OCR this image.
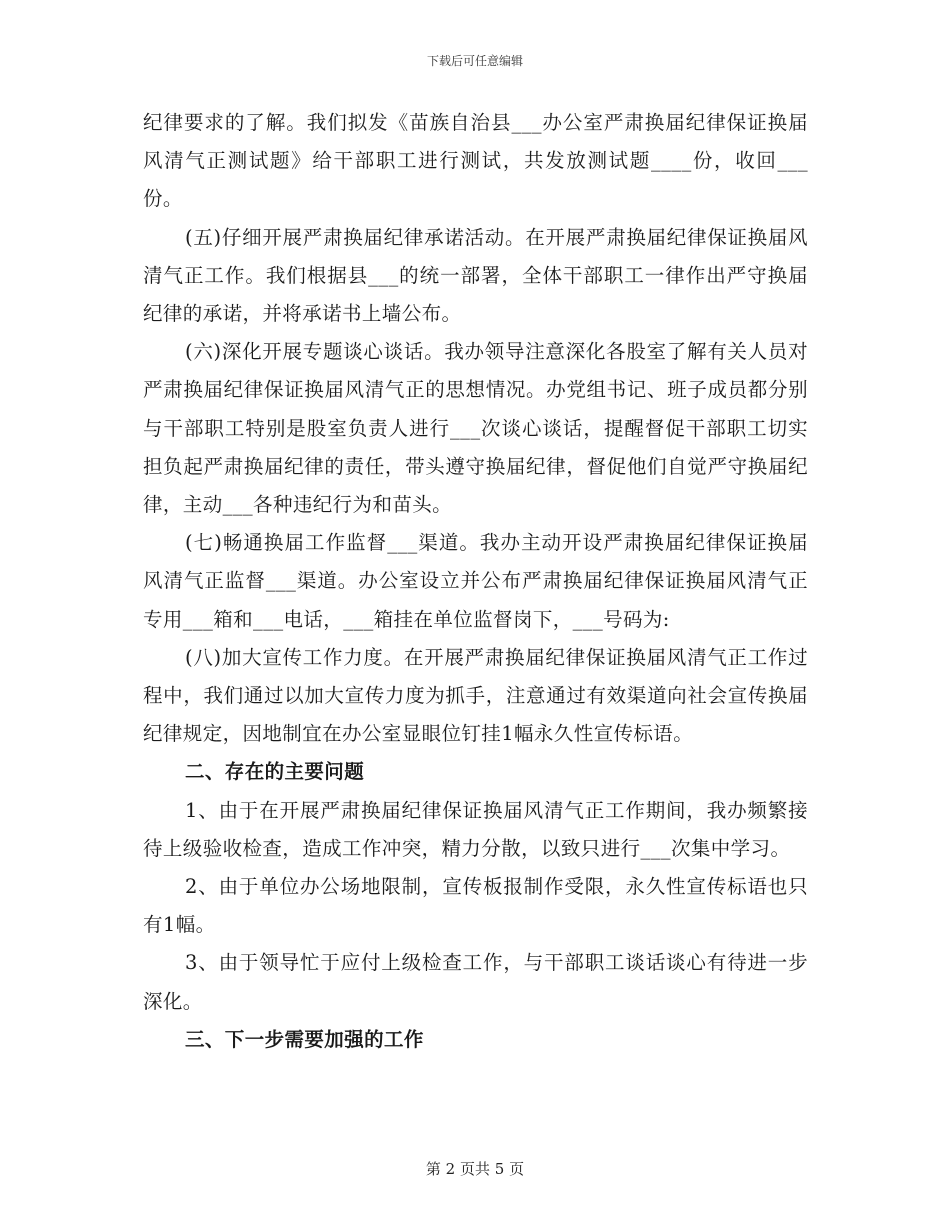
下载后可任意编辑

纪律要求的了解。我们拟发《苗族自治县___办公室严肃换届纪律保证换届风清气正测试题》给干部职工进行测试，共发放测试题____份，收回___份。

(五)仔细开展严肃换届纪律承诺活动。在开展严肃换届纪律保证换届风清气正工作。我们根据县___的统一部署，全体干部职工一律作出严守换届纪律的承诺，并将承诺书上墙公布。

(六)深化开展专题谈心谈话。我办领导注意深化各股室了解有关人员对严肃换届纪律保证换届风清气正的思想情况。办党组书记、班子成员都分别与干部职工特别是股室负责人进行___次谈心谈话，提醒督促干部职工切实担负起严肃换届纪律的责任，带头遵守换届纪律，督促他们自觉严守换届纪律，主动___各种违纪行为和苗头。

(七)畅通换届工作监督___渠道。我办主动开设严肃换届纪律保证换届风清气正监督___渠道。办公室设立并公布严肃换届纪律保证换届风清气正专用___箱和___电话，___箱挂在单位监督岗下，___号码为:

(八)加大宣传工作力度。在开展严肃换届纪律保证换届风清气正工作过程中，我们通过以加大宣传力度为抓手，注意通过有效渠道向社会宣传换届纪律规定，因地制宜在办公室显眼位钉挂1幅永久性宣传标语。

二、存在的主要问题

1、由于在开展严肃换届纪律保证换届风清气正工作期间，我办频繁接待上级验收检查，造成工作冲突，精力分散，以致只进行___次集中学习。

2、由于单位办公场地限制，宣传板报制作受限，永久性宣传标语也只有1幅。

3、由于领导忙于应付上级检查工作，与干部职工谈话谈心有待进一步深化。

三、下一步需要加强的工作

第 2 页共 5 页
